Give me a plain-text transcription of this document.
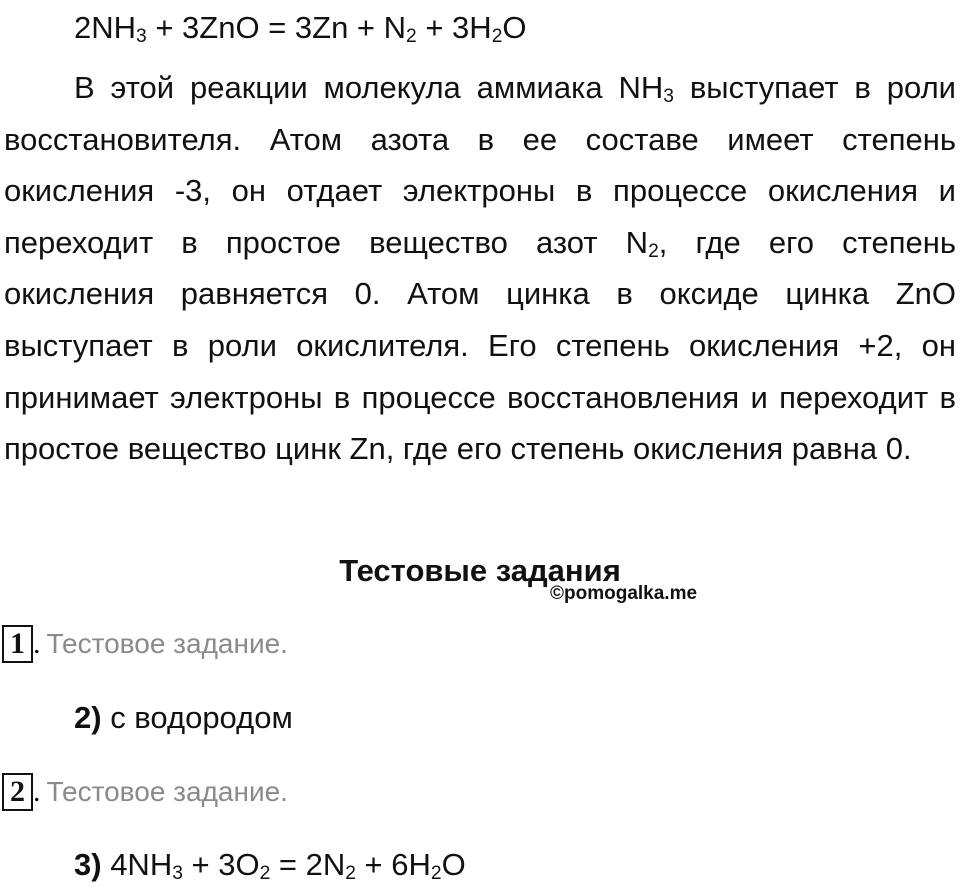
$2NH_3 + 3ZnO = 3Zn + N_2 + 3H_2O$
В этой реакции молекула аммиака $NH_3$ выступает в роли восстановителя. Атом азота в ее составе имеет степень окисления -3, он отдает электроны в процессе окисления и переходит в простое вещество азот $N_2$, где его степень окисления равняется 0. Атом цинка в оксиде цинка ZnO выступает в роли окислителя. Его степень окисления +2, он принимает электроны в процессе восстановления и переходит в простое вещество цинк Zn, где его степень окисления равна 0.
Тестовые задания
©pomogalka.me
1 . Тестовое задание.
2) с водородом
2 . Тестовое задание.
3) $4NH_3 + 3O_2 = 2N_2 + 6H_2O$
